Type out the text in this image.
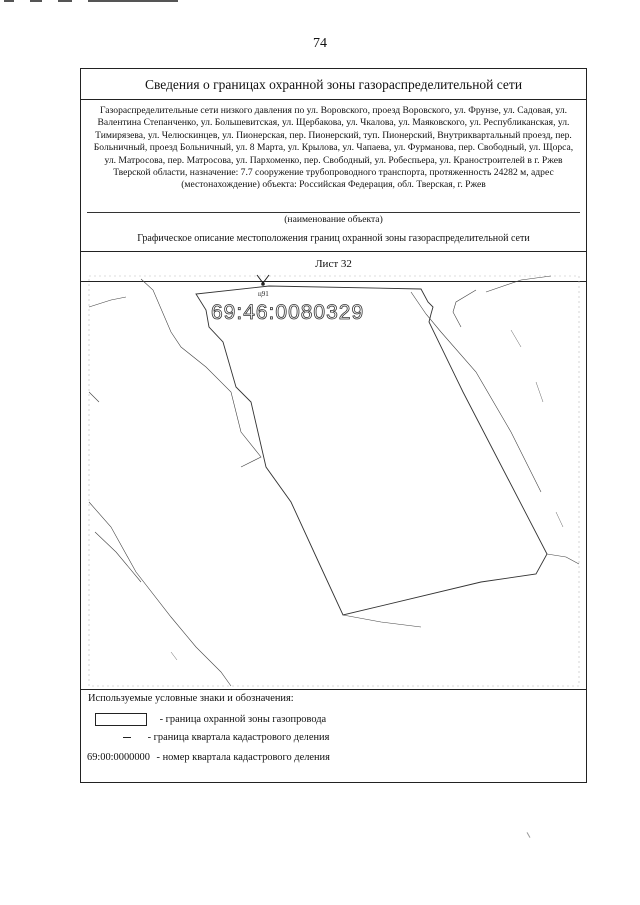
74
Сведения о границах охранной зоны газораспределительной сети
Газораспределительные сети низкого давления по ул. Воровского, проезд Воровского, ул. Фрунзе, ул. Садовая, ул. Валентина Степанченко, ул. Большевитская, ул. Щербакова, ул. Чкалова, ул. Маяковского, ул. Республиканская, ул. Тимирязева, ул. Челюскинцев, ул. Пионерская, пер. Пионерский, туп. Пионерский, Внутриквартальный проезд, пер. Больничный, проезд Больничный, ул. 8 Марта, ул. Крылова, ул. Чапаева, ул. Фурманова, пер. Свободный, ул. Щорса, ул. Матросова, пер. Матросова, ул. Пархоменко, пер. Свободный, ул. Робеспьера, ул. Краностроителей в г. Ржев Тверской области, назначение: 7.7 сооружение трубопроводного транспорта, протяженность 24282 м, адрес (местонахождение) объекта: Российская Федерация, обл. Тверская, г. Ржев
(наименование объекта)
Графическое описание местоположения границ охранной зоны газораспределительной сети
Лист 32
ц91
69:46:0080329
Используемые условные знаки и обозначения:
- граница охранной зоны газопровода
- граница квартала кадастрового деления
69:00:0000000 - номер квартала кадастрового деления
